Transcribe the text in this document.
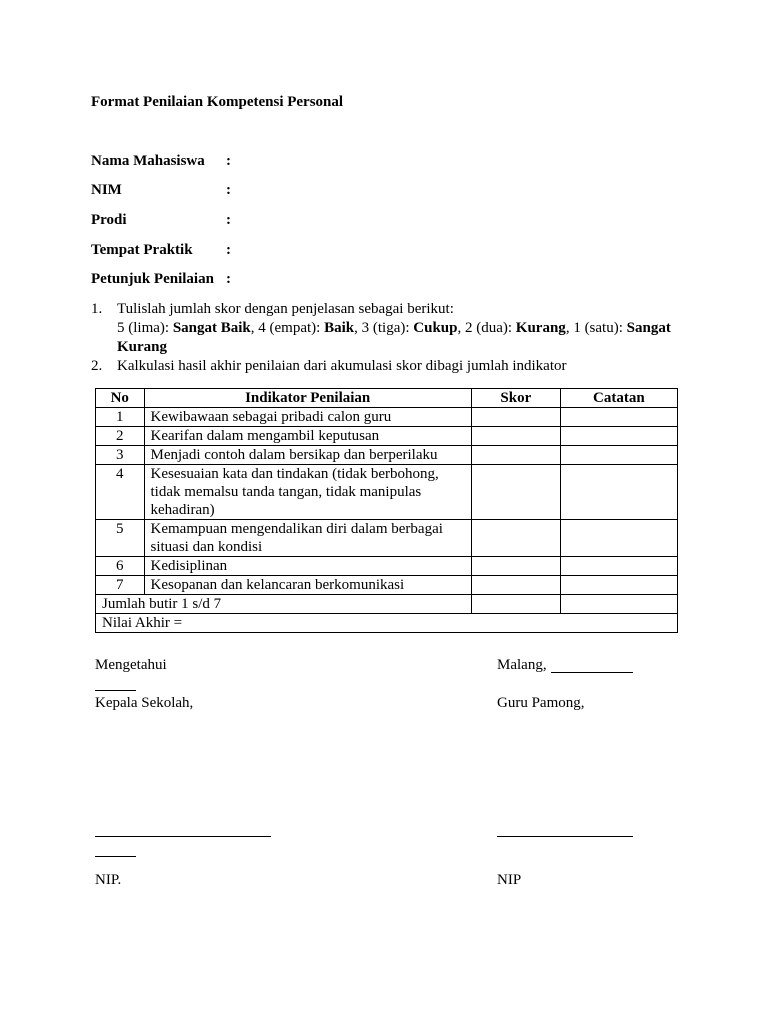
Format Penilaian Kompetensi Personal
Nama Mahasiswa :
NIM	:
Prodi	:
Tempat Praktik :
Petunjuk Penilaian :
1. Tulislah jumlah skor dengan penjelasan sebagai berikut:
5 (lima): Sangat Baik, 4 (empat): Baik, 3 (tiga): Cukup, 2 (dua): Kurang, 1 (satu): Sangat Kurang
2. Kalkulasi hasil akhir penilaian dari akumulasi skor dibagi jumlah indikator
No	Indikator Penilaian	Skor	Catatan
1	Kewibawaan sebagai pribadi calon guru		
2	Kearifan dalam mengambil keputusan		
3	Menjadi contoh dalam bersikap dan berperilaku		
4	Kesesuaian kata dan tindakan (tidak berbohong, tidak memalsu tanda tangan, tidak manipulas kehadiran)		
5	Kemampuan mengendalikan diri dalam berbagai situasi dan kondisi		
6	Kedisiplinan		
7	Kesopanan dan kelancaran berkomunikasi		
Jumlah butir 1 s/d 7			
Nilai Akhir =			
Mengetahui
Kepala Sekolah,
Malang,
Guru Pamong,
NIP.	NIP
